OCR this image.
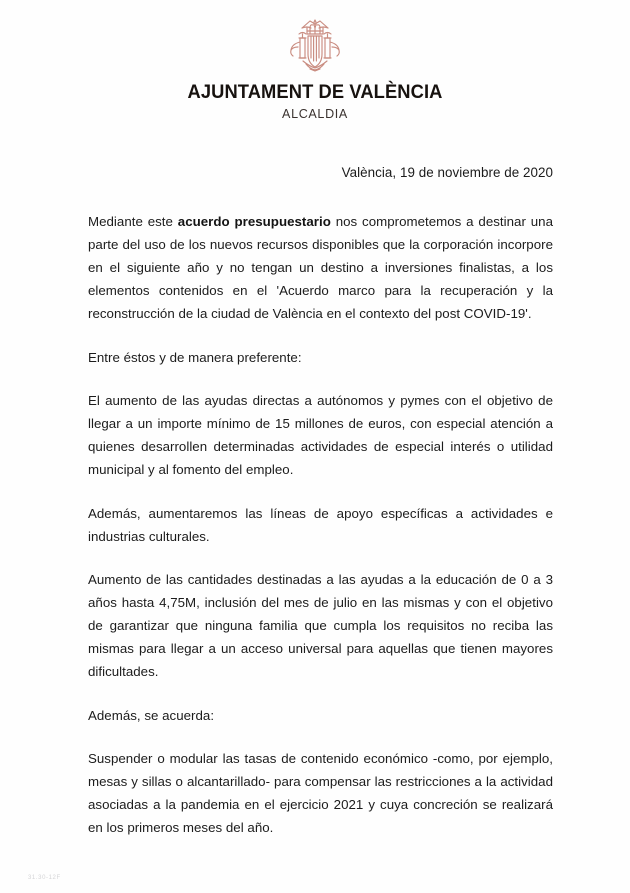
AJUNTAMENT DE VALÈNCIA
ALCALDIA
València, 19 de noviembre de 2020

Mediante este acuerdo presupuestario nos comprometemos a destinar una parte del uso de los nuevos recursos disponibles que la corporación incorpore en el siguiente año y no tengan un destino a inversiones finalistas, a los elementos contenidos en el 'Acuerdo marco para la recuperación y la reconstrucción de la ciudad de València en el contexto del post COVID-19'.

Entre éstos y de manera preferente:

El aumento de las ayudas directas a autónomos y pymes con el objetivo de llegar a un importe mínimo de 15 millones de euros, con especial atención a quienes desarrollen determinadas actividades de especial interés o utilidad municipal y al fomento del empleo.

Además, aumentaremos las líneas de apoyo específicas a actividades e industrias culturales.

Aumento de las cantidades destinadas a las ayudas a la educación de 0 a 3 años hasta 4,75M, inclusión del mes de julio en las mismas y con el objetivo de garantizar que ninguna familia que cumpla los requisitos no reciba las mismas para llegar a un acceso universal para aquellas que tienen mayores dificultades.

Además, se acuerda:

Suspender o modular las tasas de contenido económico -como, por ejemplo, mesas y sillas o alcantarillado- para compensar las restricciones a la actividad asociadas a la pandemia en el ejercicio 2021 y cuya concreción se realizará en los primeros meses del año.

31.30-12F
